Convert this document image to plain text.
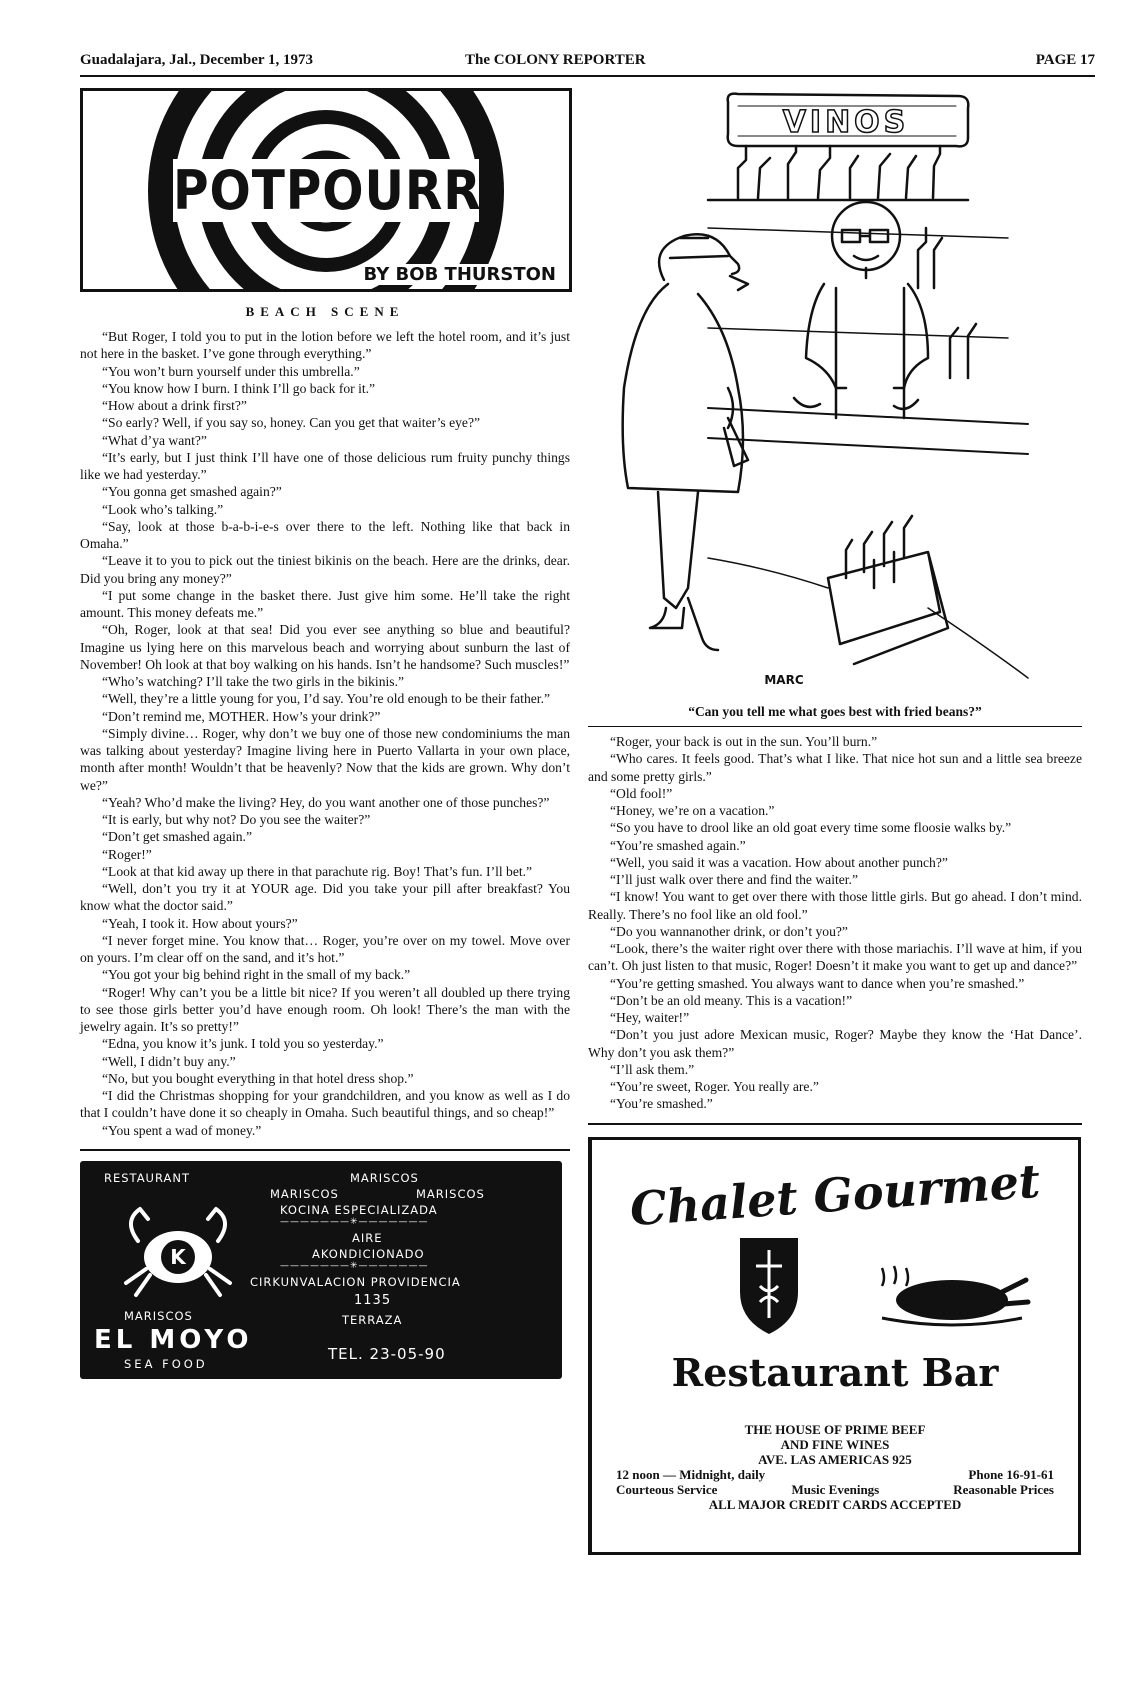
Guadalajara, Jal., December 1, 1973	The COLONY REPORTER	PAGE 17
POTPOURRI
BY BOB THURSTON
BEACH SCENE

“But Roger, I told you to put in the lotion before we left the hotel room, and it’s just not here in the basket. I’ve gone through everything.”

“You won’t burn yourself under this umbrella.”

“You know how I burn. I think I’ll go back for it.”

“How about a drink first?”

“So early? Well, if you say so, honey. Can you get that waiter’s eye?”

“What d’ya want?”

“It’s early, but I just think I’ll have one of those delicious rum fruity punchy things like we had yesterday.”

“You gonna get smashed again?”

“Look who’s talking.”

“Say, look at those b-a-b-i-e-s over there to the left. Nothing like that back in Omaha.”

“Leave it to you to pick out the tiniest bikinis on the beach. Here are the drinks, dear. Did you bring any money?”

“I put some change in the basket there. Just give him some. He’ll take the right amount. This money defeats me.”

“Oh, Roger, look at that sea! Did you ever see anything so blue and beautiful? Imagine us lying here on this marvelous beach and worrying about sunburn the last of November! Oh look at that boy walking on his hands. Isn’t he handsome? Such muscles!”

“Who’s watching? I’ll take the two girls in the bikinis.”

“Well, they’re a little young for you, I’d say. You’re old enough to be their father.”

“Don’t remind me, MOTHER. How’s your drink?”

“Simply divine… Roger, why don’t we buy one of those new condominiums the man was talking about yesterday? Imagine living here in Puerto Vallarta in your own place, month after month! Wouldn’t that be heavenly? Now that the kids are grown. Why don’t we?”

“Yeah? Who’d make the living? Hey, do you want another one of those punches?”

“It is early, but why not? Do you see the waiter?”

“Don’t get smashed again.”

“Roger!”

“Look at that kid away up there in that parachute rig. Boy! That’s fun. I’ll bet.”

“Well, don’t you try it at YOUR age. Did you take your pill after breakfast? You know what the doctor said.”

“Yeah, I took it. How about yours?”

“I never forget mine. You know that… Roger, you’re over on my towel. Move over on yours. I’m clear off on the sand, and it’s hot.”

“You got your big behind right in the small of my back.”

“Roger! Why can’t you be a little bit nice? If you weren’t all doubled up there trying to see those girls better you’d have enough room. Oh look! There’s the man with the jewelry again. It’s so pretty!”

“Edna, you know it’s junk. I told you so yesterday.”

“Well, I didn’t buy any.”

“No, but you bought everything in that hotel dress shop.”

“I did the Christmas shopping for your grandchildren, and you know as well as I do that I couldn’t have done it so cheaply in Omaha. Such beautiful things, and so cheap!”

“You spent a wad of money.”

RESTAURANT	MARISCOS
MARISCOS	MARISCOS
KOCINA ESPECIALIZADA
———————✳———————
AIRE
AKONDICIONADO
———————✳———————
CIRKUNVALACION PROVIDENCIA
1135
TERRAZA
TEL. 23-05-90
K
MARISCOS
EL MOYO
SEA FOOD
VINOS
MARC
“Can you tell me what goes best with fried beans?”

“Roger, your back is out in the sun. You’ll burn.”

“Who cares. It feels good. That’s what I like. That nice hot sun and a little sea breeze and some pretty girls.”

“Old fool!”

“Honey, we’re on a vacation.”

“So you have to drool like an old goat every time some floosie walks by.”

“You’re smashed again.”

“Well, you said it was a vacation. How about another punch?”

“I’ll just walk over there and find the waiter.”

“I know! You want to get over there with those little girls. But go ahead. I don’t mind. Really. There’s no fool like an old fool.”

“Do you wannanother drink, or don’t you?”

“Look, there’s the waiter right over there with those mariachis. I’ll wave at him, if you can’t. Oh just listen to that music, Roger! Doesn’t it make you want to get up and dance?”

“You’re getting smashed. You always want to dance when you’re smashed.”

“Don’t be an old meany. This is a vacation!”

“Hey, waiter!”

“Don’t you just adore Mexican music, Roger? Maybe they know the ‘Hat Dance’. Why don’t you ask them?”

“I’ll ask them.”

“You’re sweet, Roger. You really are.”

“You’re smashed.”

Chalet Gourmet
Restaurant Bar

THE HOUSE OF PRIME BEEF

AND FINE WINES

AVE. LAS AMERICAS 925

12 noon — Midnight, daily	Phone 16-91-61
Courteous Service	Music Evenings	Reasonable Prices

ALL MAJOR CREDIT CARDS ACCEPTED
